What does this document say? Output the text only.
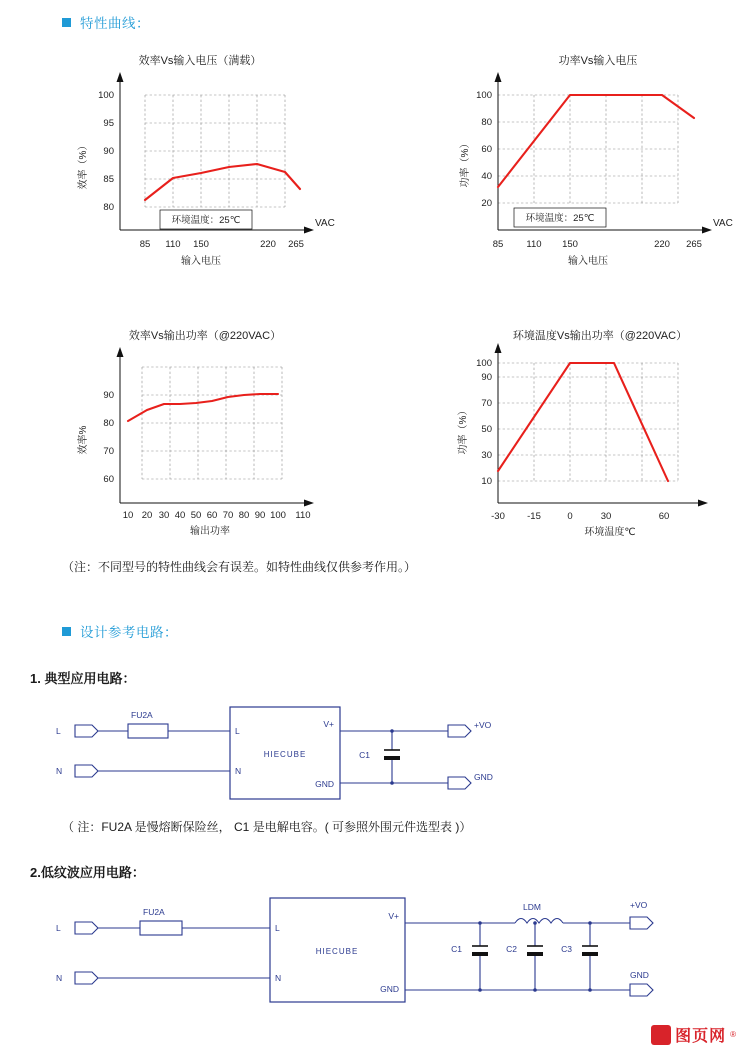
特性曲线：
效率Vs输入电压（满载）
80
85
90
95
100
85 110 150	220 265
输入电压
效率（%）
VAC
环境温度：25℃
功率Vs输入电压
20
40
60
80
100
85 110 150	220 265
输入电压
功率（%）
VAC
环境温度：25℃
效率Vs输出功率（@220VAC）
60
70
80
90
10 20 30 40 50 60 70 80 90 100 110
输出功率
效率%
环境温度Vs输出功率（@220VAC）
10
30
50
70
90
100
-30 -15	0	30	60
环境温度℃
功率（%）
（注：不同型号的特性曲线会有误差。如特性曲线仅供参考作用。）
设计参考电路：
1. 典型应用电路：
L
N
FU2A
HIECUBE
L
N
V+
GND
C1
+VO
GND
（ 注：FU2A 是慢熔断保险丝， C1 是电解电容。( 可参照外围元件选型表 )）
2.低纹波应用电路：
L
N
FU2A
HIECUBE
L
N
V+
GND
LDM
C1	C2	C3
+VO
GND
图页网 ®
